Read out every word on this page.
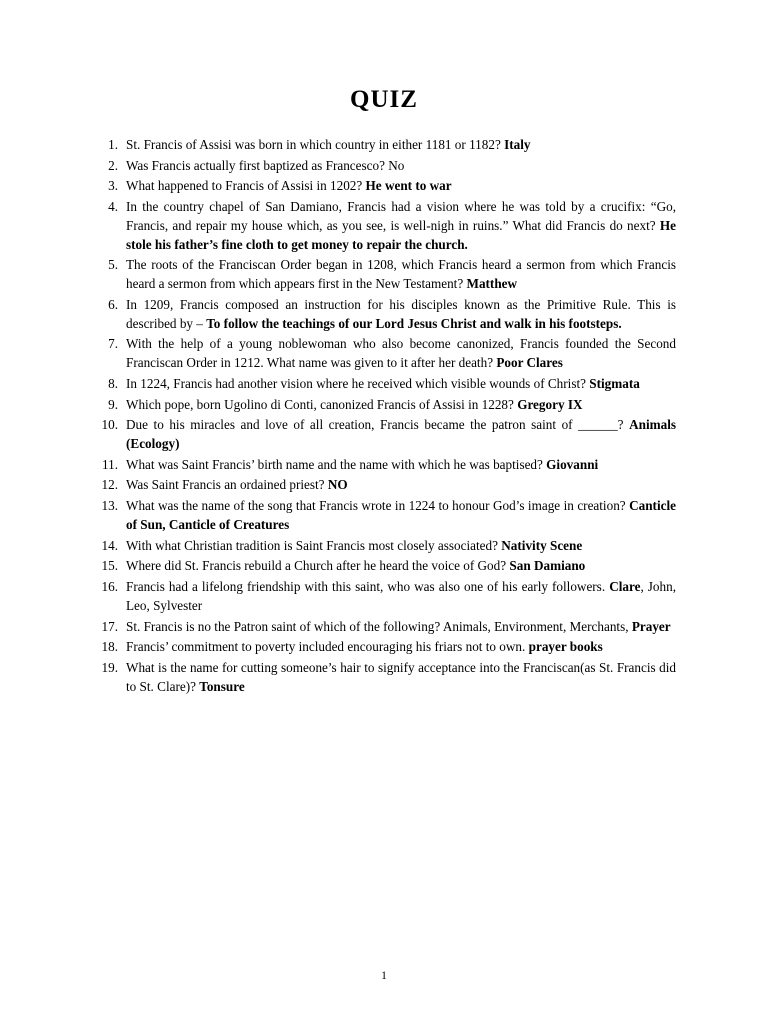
QUIZ
St. Francis of Assisi was born in which country in either 1181 or 1182? Italy
Was Francis actually first baptized as Francesco? No
What happened to Francis of Assisi in 1202? He went to war
In the country chapel of San Damiano, Francis had a vision where he was told by a crucifix: “Go, Francis, and repair my house which, as you see, is well-nigh in ruins.” What did Francis do next? He stole his father’s fine cloth to get money to repair the church.
The roots of the Franciscan Order began in 1208, which Francis heard a sermon from which Francis heard a sermon from which appears first in the New Testament? Matthew
In 1209, Francis composed an instruction for his disciples known as the Primitive Rule. This is described by – To follow the teachings of our Lord Jesus Christ and walk in his footsteps.
With the help of a young noblewoman who also become canonized, Francis founded the Second Franciscan Order in 1212. What name was given to it after her death? Poor Clares
In 1224, Francis had another vision where he received which visible wounds of Christ? Stigmata
Which pope, born Ugolino di Conti, canonized Francis of Assisi in 1228? Gregory IX
Due to his miracles and love of all creation, Francis became the patron saint of ______? Animals (Ecology)
What was Saint Francis’ birth name and the name with which he was baptised? Giovanni
Was Saint Francis an ordained priest? NO
What was the name of the song that Francis wrote in 1224 to honour God’s image in creation? Canticle of Sun, Canticle of Creatures
With what Christian tradition is Saint Francis most closely associated? Nativity Scene
Where did St. Francis rebuild a Church after he heard the voice of God? San Damiano
Francis had a lifelong friendship with this saint, who was also one of his early followers. Clare, John, Leo, Sylvester
St. Francis is no the Patron saint of which of the following? Animals, Environment, Merchants, Prayer
Francis’ commitment to poverty included encouraging his friars not to own. prayer books
What is the name for cutting someone’s hair to signify acceptance into the Franciscan(as St. Francis did to St. Clare)? Tonsure
1
